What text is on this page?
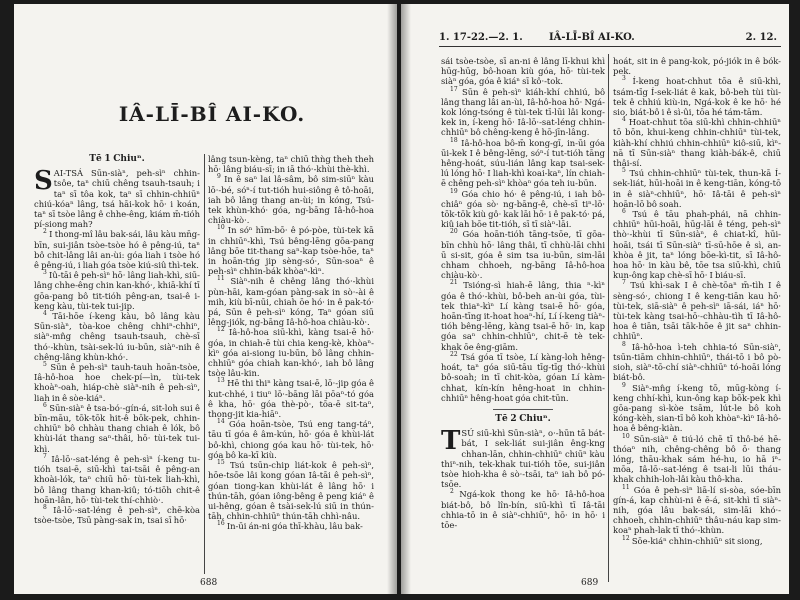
IÂ-LĪ-BÎ AI-KO.
Tē 1 Chiuⁿ.

SAI-TSÁ Sūn-siàⁿ, peh-sìⁿ chhin-tsôe, taⁿ chiū chêng tsauh-tsauh; i taⁿ sī tôa kok, taⁿ sī chhin-chhiūⁿ chiú-kóaⁿ lâng, tsá hāi-kok hō· i koán, taⁿ sī tsòe lâng ê chhe-êng, kiám m̄-tióh pí-siong mah?

$^2$ I thong-mî lâu bak-sái, lâu kàu mn̄g-bīn, sui-jiân tsòe-tsòe hó ê pêng-iú, taⁿ bô chit-lâng lâi an-ùi: góa liah i tsòe hó ê pêng-iú, i liah góa tsòe kiú-siû thì-tek.

$^3$ Iû-tāi ê peh-sìⁿ hō· lâng liah-khì, siū-lâng chhe-êng chin kan-khó·, khiā-khí tī gōa-pang bô tit-tióh pêng-an, tsai-ê i-keng kàu, tùi-tek tui-jip.

$^4$ Tāi-hōe í-keng kàu, bô lâng kàu Sūn-siàⁿ, tòa-koe chêng chhiⁿ-chhiⁿ, siàⁿ-mn̂g chêng tsauh-tsauh, chè-sī thó·-khùn, tsài-sek-lú iu-būn, siàⁿ-nih ê chêng-lâng khùn-khó·.

$^5$ Sūn ê peh-sìⁿ tauh-tauh hoān-tsòe, Iâ-hô-hoa hoe chek-pí—ìn, tùi-tek khoàⁿ-oah, hiáp-chè siàⁿ-nih ê peh-sìⁿ, liah in ê sòe-kiáⁿ.

$^6$ Sūn-siàⁿ ê tsa-bó·-gín-á, sit-loh sui ê bīn-māu, tōk-tōk hit-ê bōk-pek, chhin-chhiūⁿ bô chhàu thang chiah ê lók, bô khùi-lát thang saⁿ-thâi, hō· tùi-tek tui-khì.

$^7$ Iâ-lō·-sat-léng ê peh-sìⁿ í-keng tu-tióh tsai-ē, siū-khì tai-tsāi ê pêng-an khoài-lók, taⁿ chiū hō· tùi-tek liah-khì, bô lâng thang khan-kiû; tó-tiōh chit-ê hoān-lân, hō· tùi-tek thí-chhiò·.

$^8$ Iâ-lō·-sat-léng ê peh-sìⁿ, chē-kòa tsòe-tsòe, Tsū pàng-sak in, tsai sī hō·

lâng tsun-kèng, taⁿ chiū thǹg theh theh hō· lâng biáu-sī; in iā thó·-khùi thè-khì.

$^9$ In ê saⁿ lai lâ-sâm, bô sim-siūⁿ kàu lō·-bé, sóⁿ-í tut-tióh hui-siông ê tô-hoāi, iah bô lâng thang an-ùi; in kóng, Tsú-tek khùn-khó· góa, ng-bāng Iâ-hô-hoa chiàu-kò·.

$^{10}$ In sóⁿ hīm-bō· ê pó-pòe, tùi-tek kā in chhiūⁿ-khì, Tsú bêng-lēng gōa-pang lâng bōe tit-thang saⁿ-kap tsòe-hōe, taⁿ in hoān-tńg jip sèng-só·, Sūn-soaⁿ ê peh-sìⁿ chhin-bák khòaⁿ-kìⁿ.

$^{11}$ Siàⁿ-nih ê chêng lâng thó·-khùi pùn-hāi, kam-góan pàng-sak in sò·-ài ê mih, kiù bī-nūi, chiah ōe hó· in ê pak-tó· pá, Sūn ê peh-sìⁿ kóng, Taⁿ góan siū lêng-jiók, ng-bāng Iâ-hô-hoa chiàu-kò·.

$^{12}$ Iâ-hô-hoa siū-khì, kàng tsai-ē hō· góa, in chiah-ē tùi chia keng-kè, khòaⁿ-kìⁿ góa ai-siong iu-būn, bô lâng chhin-chhiūⁿ góa chiah kan-khó·, iah bô lâng tsòe lâu-kin.

$^{13}$ Hē thi thiⁿ kàng tsai-ē, lō·-jip góa ê kut-chhé, i tiuⁿ lō·-bāng lāi pōaⁿ-tó góa ê kha, hō· góa thè-pò·, tōa-ē sit-taⁿ, thong-jit kia-hiāⁿ.

$^{14}$ Góa hoān-tsòe, Tsú eng tang-táⁿ, tāu tī góa ê âm-kún, hō· góa ê khùi-lát bô-khì, chiong góa kau hō· tùi-tek, hō· góa bô ka-kī kiù.

$^{15}$ Tsú tsūn-chip liát-kok ê peh-sìⁿ, hōe-tsōe lâi kong góan Iâ-tāi ê peh-sìⁿ, góan tiong-kan khùi-lát ê lâng hō· i thún-tāh, góan iông-bêng ê peng kiáⁿ ê ui-hêng, góan ê tsài-sek-lú siū in thún-tāh, chhin-chhiūⁿ thún-tāh chhì-nâu.

$^{16}$ In-ūi án-ni góa thī-khàu, lâu bak-

688
1. 17-22.—2. 1.	IÂ-LĪ-BÎ AI-KO.	2. 12.

sái tsòe-tsòe, sī an-ni ê lâng lī-khui khì hūg-hūg, bô-hoan kiù góa, hō· tùi-tek siàⁿ góa, góa ê kiáⁿ sī kô·-tok.

$^{17}$ Sūn ê peh-sìⁿ kiáh-khí chhiú, bô lâng thang lâi an-ùi, Iâ-hô-hoa hō· Ngá-kok lóng-tsóng ê tùi-tek tī-lūi lâi kong-kek in, í-keng hō· Iâ-lō·-sat-léng chhin-chhiūⁿ bô chêng-keng ê hō-jīn-lâng.

$^{18}$ Iâ-hô-hoa bô-m̄ kong-gī, in-ūi góa ūi-kek I ê bêng-lēng, sóⁿ-í tut-tióh tāng hêng-hoát, súu-lián lâng kap tsai-sek-lú lóng hō· I liah-khì koai-kaⁿ, lín chiah-ē chêng peh-sìⁿ khòaⁿ góa teh iu-būn.

$^{19}$ Góa chio hó· ê pêng-iú, i iah bô-chiâⁿ góa sò· ng-bāng-ê, chè-sī tiⁿ-lō· tōk-tōk kiù gô· kak lāi hō· i ê pak-tó· pá, kiû iah bōe tit-tióh, sī tī siàⁿ-lāi.

$^{20}$ Góa hoān-tióh tāng-tsōe, tī gōa-bīn chhù hō· lâng thâi, tī chhù-lāi chhi ū si-sit, góa ê sim tsa iu-būn, sim-lāi chham chhoeh, ng-bāng Iâ-hô-hoa chiàu-kò·.

$^{21}$ Tsióng-sì hiah-ē lâng, thia ⁿ-kìⁿ góa ê thó·-khùi, bô-beh an-ùi góa, tùi-tek thiaⁿ-kìⁿ Lí kàng tsai-ē hō· góa, hoān-tīng it-hoat hoaⁿ-hí, Lí í-keng tiàⁿ-tióh bêng-lēng, kàng tsai-ē hō· in, kap góa saⁿ chhin-chhiūⁿ, chit-ē tè tek-khak ōe êng-giām.

$^{22}$ Tsá góa tī tsòe, Lí kàng-loh hêng-hoát, taⁿ góa siū-tāu tīg-tīg thó·-khùi bô-soah; in tī chit-kòa, góan Lí kàm-chhat, kín-kín hêng-hoat in chhin-chhiūⁿ hêng-hoat góa chit-tūn.

Tē 2 Chiuⁿ.

TSÚ siū-khì Sūn-siàⁿ, o·-hūn tā bát-bát, I sek-liát sui-jiân êng-kng chhan-lān, chhin-chhiūⁿ chiūⁿ kàu thiⁿ-nih, tek-khak tui-tióh tōe, sui-jiân tsòe hioh-kha ê sò·-tsāi, taⁿ iah bô pó-tsōe.

$^2$ Ngá-kok thong ke hō· Iâ-hô-hoa biát-bô, bô lîn-bín, siū-khì tī Iâ-tāi chhia-tō in ê siàⁿ-chhiūⁿ, hō· in hō· i tōe-

hoát, sit in ê pang-kok, pó-jiók in ê bók-pek.

$^3$ Í-keng hoat-chhut tōa ê siū-khì, tsám-tīg Í-sek-liát ê kak, bô-beh tùi tùi-tek ê chhiú kiù-in, Ngá-kok ê ke hō· hé sio, biát-bô i ê sì-ûi, tōa hé tám-tām.

$^4$ Hoat-chhut tōa siū-khì chhin-chhiūⁿ tō bōn, khui-keng chhin-chhiūⁿ tùi-tek, kiàh-khí chhiú chhin-chhiūⁿ kiô-siū, kìⁿ-nā tī Sūn-siàⁿ thang kiàh-bák-ê, chiū thâi-sí.

$^5$ Tsú chhin-chhiūⁿ tùi-tek, thun-kā Í-sek-liát, hūi-hoāi in ê keng-tiān, kóng-tō in ê siàⁿ-chhiūⁿ, hō· Iâ-tāi ê peh-sìⁿ hoān-lō bô soah.

$^6$ Tsú ê tāu phah-phái, nā chhin-chhiūⁿ hūi-hoāi, hūg-lāi ê téng, peh-sìⁿ thò·-khùi tī Sūn-siàⁿ, ê chiat-kî, hūi-hoāi, tsái tī Sūn-siàⁿ tī-sū-hōe ê sì, an-khòa ê jit, taⁿ lóng bōe-kì-tit, sī Iâ-hô-hoa hō· in kàu bê, tōe tsa siū-khì, chiū kun-ông kap chè-sī hō· I biáu-sī.

$^7$ Tsú khì-sak I ê chè-tōaⁿ m̄-tìh I ê sèng-só·, chiong I ê keng-tiān kau hō· tùi-tek, siā-siàⁿ ê peh-sìⁿ iā-sái, iáⁿ hō· tùi-tek kàng tsai-hō·-chhàu-tìh tī Iâ-hô-hoa ê tiān, tsāi tāk-hōe ê jit saⁿ chhin-chhiūⁿ.

$^8$ Iâ-hô-hoa ì-teh chhia-tó Sūn-siàⁿ, tsūn-tiām chhin-chhiūⁿ, thái-tō i bô pò-sioh, siàⁿ-tō-chí siàⁿ-chhiūⁿ tó-hoāi lóng biát-bô.

$^9$ Siàⁿ-mn̂g í-keng tō, mūg-kòng í-keng chhí-khì, kun-ông kap bōk-pek khì gōa-pang sì-kòe tsām, lút-le bô koh kóng-kèh, sian-tī bô koh khòaⁿ-kìⁿ Iâ-hô-hoa ê bêng-kiàn.

$^{10}$ Sūn-siàⁿ ê tiú-ló chē tī thô-bé hē-thóaⁿ nih, chêng-chêng bô ō· thang lóng, thāu-khak sám hé-hu, io hā iⁿ-mōa, Iâ-lō·-sat-léng ê tsai-li lūi tháu-khak chhih-loh-lâi kàu thô-kha.

$^{11}$ Góa ê peh-sìⁿ liā-lí si-sòa, sóe-bīn gín-á, kap chhùi-ni ê ē-á, sit-khì tī siàⁿ-nih, góa lâu bak-sái, sim-lāi khó·-chhoeh, chhin-chhiūⁿ thâu-náu kap sim-koaⁿ phah-lak tī thó·-khùn.

$^{12}$ Sōe-kiáⁿ chhin-chhiūⁿ sit siong,

689
